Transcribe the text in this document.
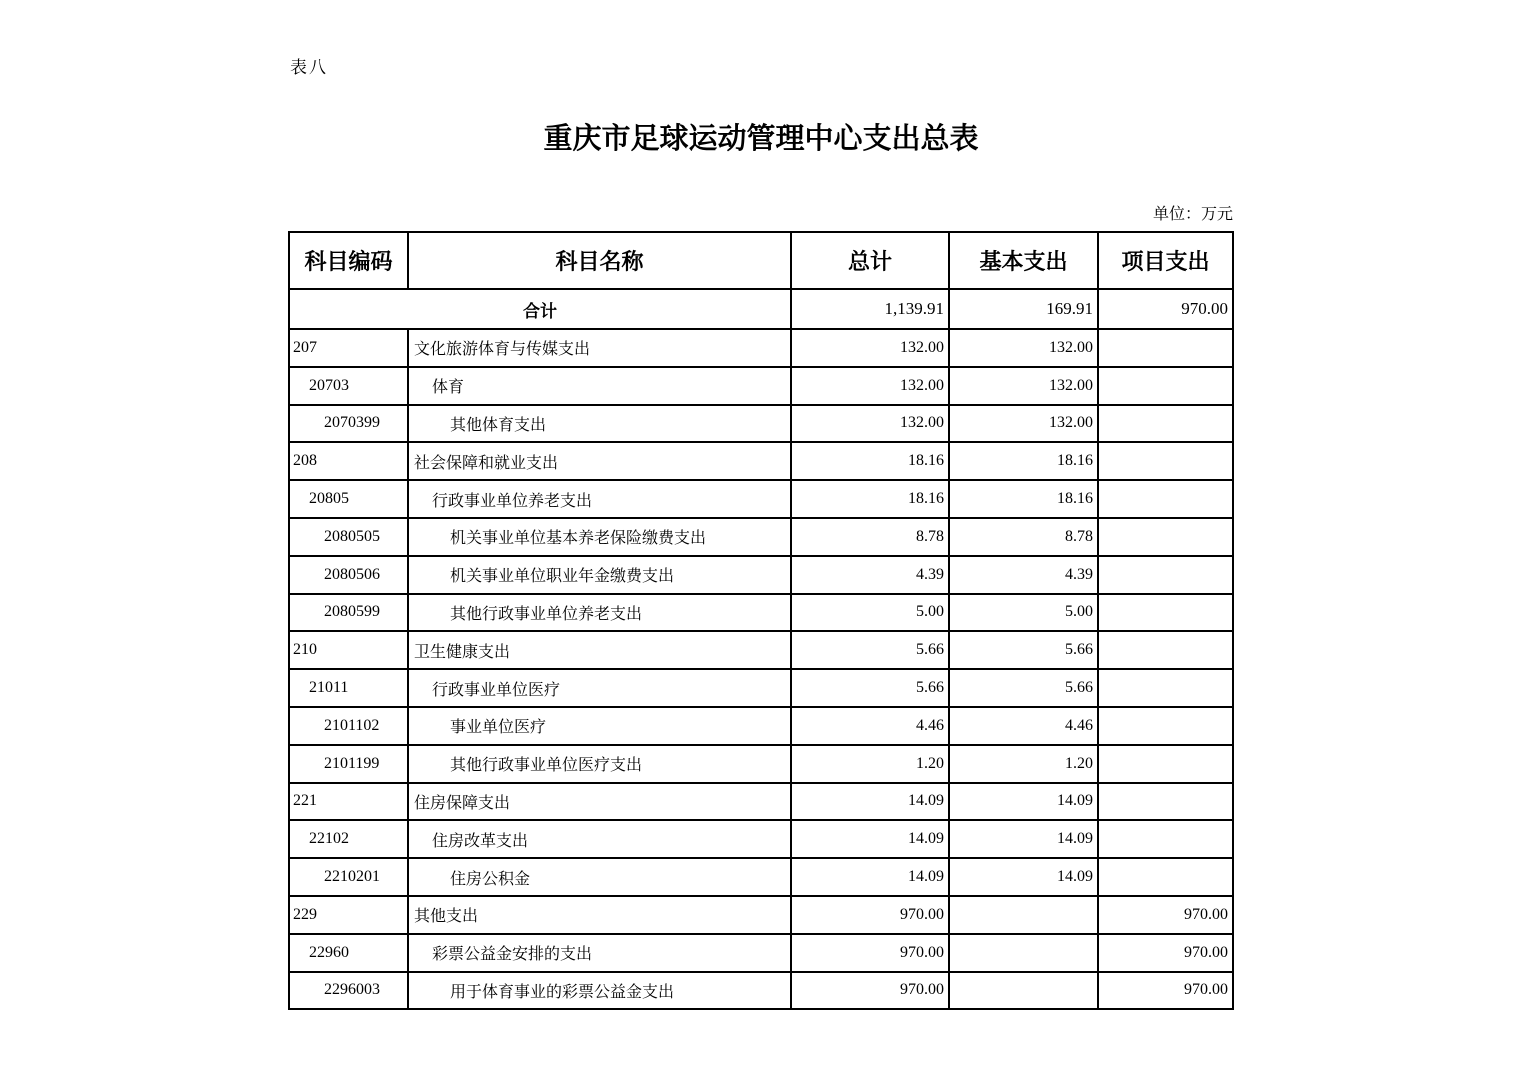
表八
重庆市足球运动管理中心支出总表
单位：万元
科目编码	科目名称	总计	基本支出	项目支出
合计		1,139.91	169.91	970.00
207	文化旅游体育与传媒支出	132.00	132.00	
20703	体育	132.00	132.00	
2070399	其他体育支出	132.00	132.00	
208	社会保障和就业支出	18.16	18.16	
20805	行政事业单位养老支出	18.16	18.16	
2080505	机关事业单位基本养老保险缴费支出	8.78	8.78	
2080506	机关事业单位职业年金缴费支出	4.39	4.39	
2080599	其他行政事业单位养老支出	5.00	5.00	
210	卫生健康支出	5.66	5.66	
21011	行政事业单位医疗	5.66	5.66	
2101102	事业单位医疗	4.46	4.46	
2101199	其他行政事业单位医疗支出	1.20	1.20	
221	住房保障支出	14.09	14.09	
22102	住房改革支出	14.09	14.09	
2210201	住房公积金	14.09	14.09	
229	其他支出	970.00		970.00
22960	彩票公益金安排的支出	970.00		970.00
2296003	用于体育事业的彩票公益金支出	970.00		970.00
